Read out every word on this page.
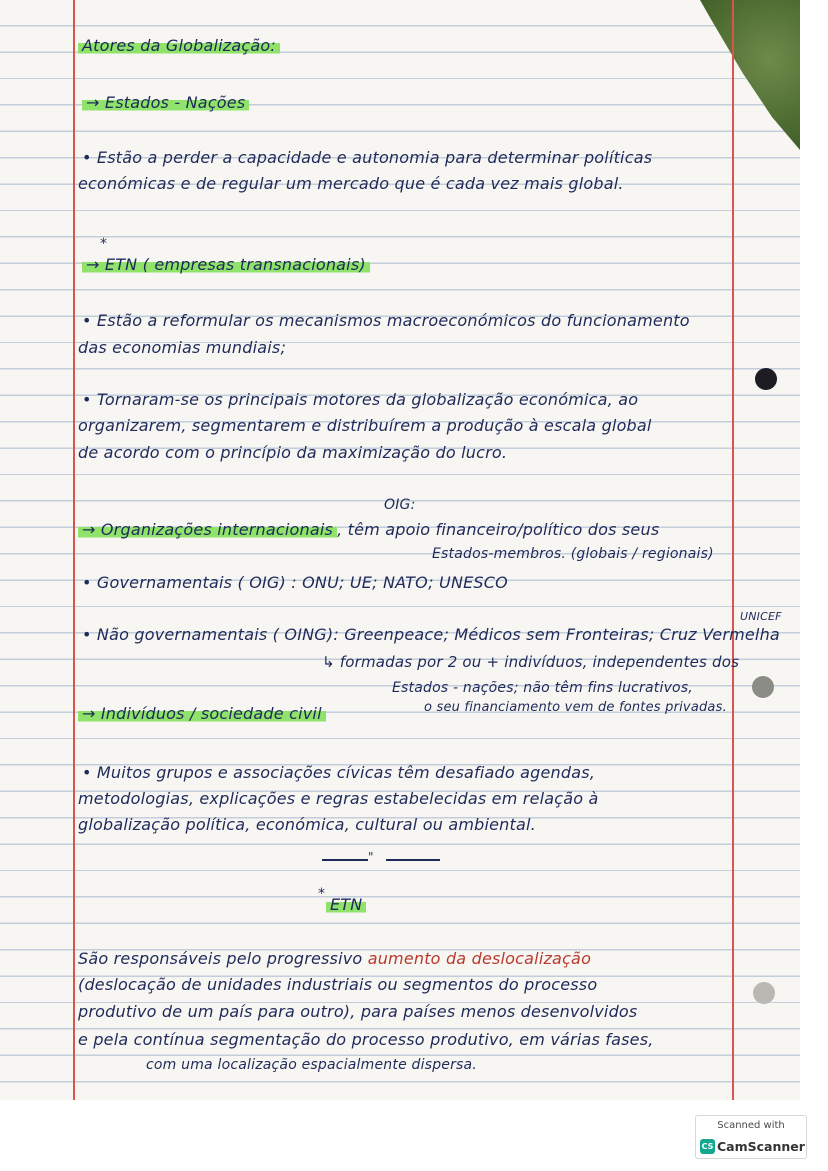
Atores da Globalização:
→ Estados - Nações
• Estão a perder a capacidade e autonomia para determinar políticas
económicas e de regular um mercado que é cada vez mais global.
*
→ ETN ( empresas transnacionais)
• Estão a reformular os mecanismos macroeconómicos do funcionamento
das economias mundiais;
• Tornaram-se os principais motores da globalização económica, ao
organizarem, segmentarem e distribuírem a produção à escala global
de acordo com o princípio da maximização do lucro.
OIG:
→ Organizações internacionais , têm apoio financeiro/político dos seus
Estados-membros. (globais / regionais)
• Governamentais ( OIG) : ONU; UE; NATO; UNESCO
UNICEF
• Não governamentais ( OING): Greenpeace; Médicos sem Fronteiras; Cruz Vermelha
↳ formadas por 2 ou + indivíduos, independentes dos
Estados - nações; não têm fins lucrativos,
o seu financiamento vem de fontes privadas.
→ Indivíduos / sociedade civil
• Muitos grupos e associações cívicas têm desafiado agendas,
metodologias, explicações e regras estabelecidas em relação à
globalização política, económica, cultural ou ambiental.
"
*
ETN
São responsáveis pelo progressivo aumento da deslocalização
(deslocação de unidades industriais ou segmentos do processo
produtivo de um país para outro), para países menos desenvolvidos
e pela contínua segmentação do processo produtivo, em várias fases,
com uma localização espacialmente dispersa.
Scanned with
CS CamScanner
